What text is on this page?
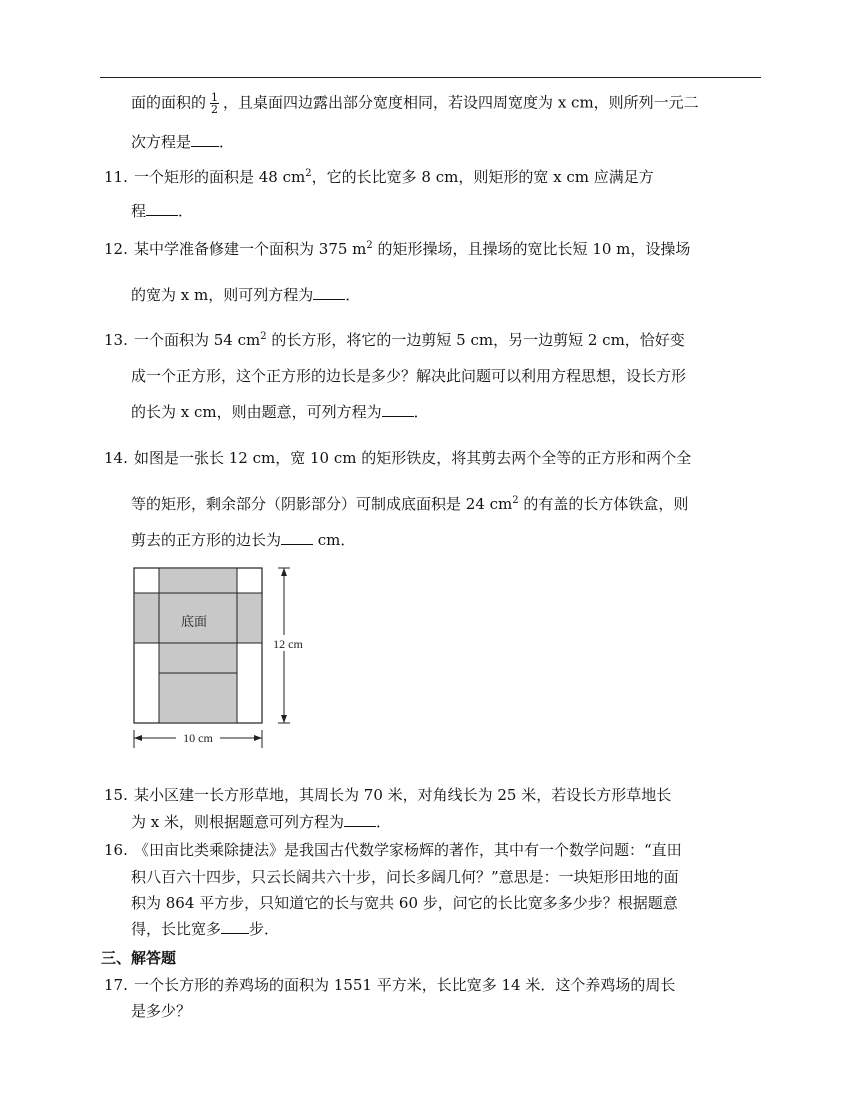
面的面积的 $\frac{1}{2}$ ，且桌面四边露出部分宽度相同，若设四周宽度为 x cm，则所列一元二
次方程是 ．
11. 一个矩形的面积是 48 $cm^2$，它的长比宽多 8 cm，则矩形的宽 x cm 应满足方
程 ．
12. 某中学准备修建一个面积为 375 $m^2$ 的矩形操场，且操场的宽比长短 10 m，设操场
的宽为 x m，则可列方程为 ．
13. 一个面积为 54 $cm^2$ 的长方形，将它的一边剪短 5 cm，另一边剪短 2 cm，恰好变
成一个正方形，这个正方形的边长是多少？解决此问题可以利用方程思想，设长方形
的长为 x cm，则由题意，可列方程为 ．
14. 如图是一张长 12 cm，宽 10 cm 的矩形铁皮，将其剪去两个全等的正方形和两个全
等的矩形，剩余部分（阴影部分）可制成底面积是 24 $cm^2$ 的有盖的长方体铁盒，则
剪去的正方形的边长为 cm．
底面
12 cm
10 cm
15. 某小区建一长方形草地，其周长为 70 米，对角线长为 25 米，若设长方形草地长
为 x 米，则根据题意可列方程为 ．
16. 《田亩比类乘除捷法》是我国古代数学家杨辉的著作，其中有一个数学问题：“直田
积八百六十四步，只云长阔共六十步，问长多阔几何？”意思是：一块矩形田地的面
积为 864 平方步，只知道它的长与宽共 60 步，问它的长比宽多多少步？根据题意
得，长比宽多 步．
三、解答题
17. 一个长方形的养鸡场的面积为 1551 平方米，长比宽多 14 米．这个养鸡场的周长
是多少？
